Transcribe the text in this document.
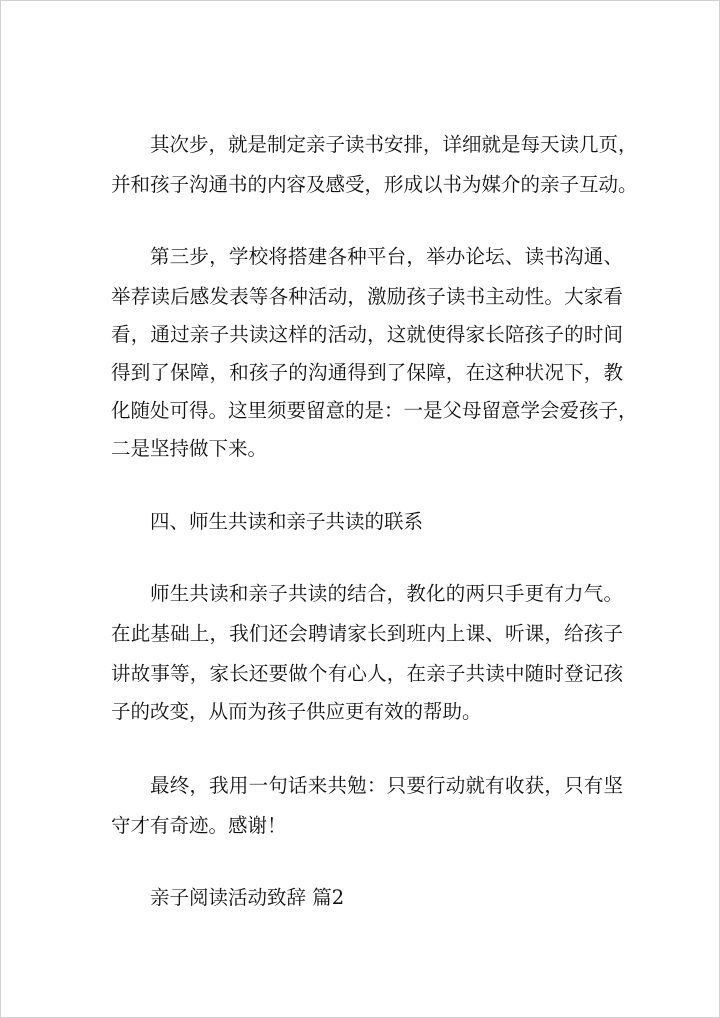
其次步，就是制定亲子读书安排，详细就是每天读几页，
并和孩子沟通书的内容及感受，形成以书为媒介的亲子互动。
第三步，学校将搭建各种平台，举办论坛、读书沟通、
举荐读后感发表等各种活动，激励孩子读书主动性。大家看
看，通过亲子共读这样的活动，这就使得家长陪孩子的时间
得到了保障，和孩子的沟通得到了保障，在这种状况下，教
化随处可得。这里须要留意的是：一是父母留意学会爱孩子，
二是坚持做下来。
四、师生共读和亲子共读的联系
师生共读和亲子共读的结合，教化的两只手更有力气。
在此基础上，我们还会聘请家长到班内上课、听课，给孩子
讲故事等，家长还要做个有心人，在亲子共读中随时登记孩
子的改变，从而为孩子供应更有效的帮助。
最终，我用一句话来共勉：只要行动就有收获，只有坚
守才有奇迹。感谢！
亲子阅读活动致辞 篇2
